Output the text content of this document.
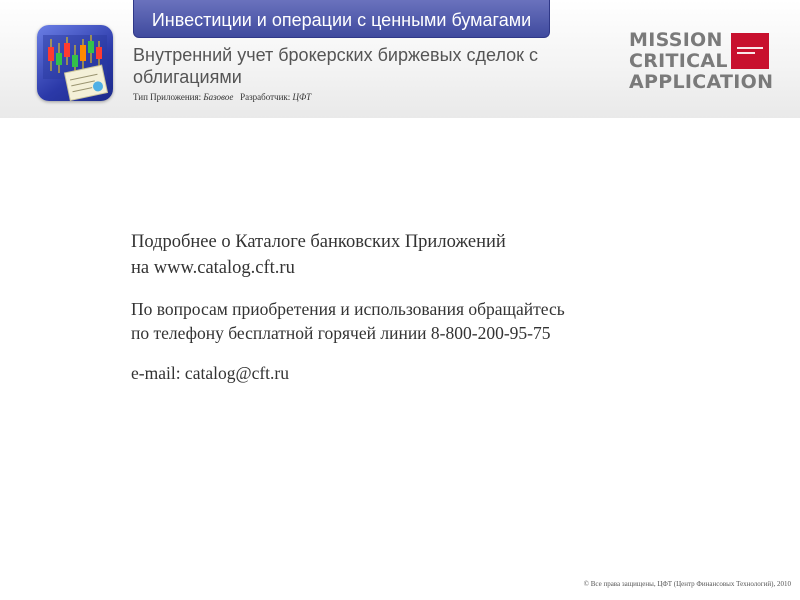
Инвестиции и операции с ценными бумагами
Внутренний учет брокерских биржевых сделок с
облигациями
Тип Приложения: Базовое Разработчик: ЦФТ
MISSION
CRITICAL
APPLICATION
Подробнее о Каталоге банковских Приложений
на www.catalog.cft.ru
По вопросам приобретения и использования обращайтесь
по телефону бесплатной горячей линии 8-800-200-95-75
e-mail: catalog@cft.ru
© Все права защищены, ЦФТ (Центр Финансовых Технологий), 2010
